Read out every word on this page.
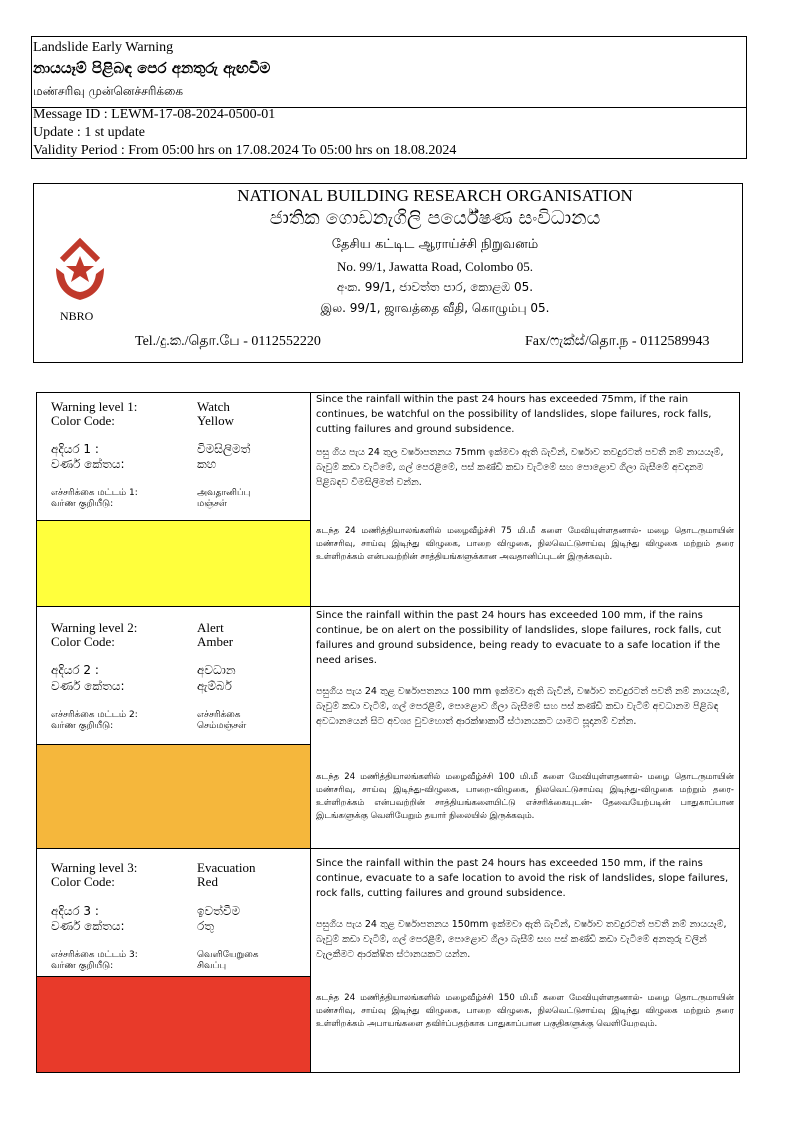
Landslide Early Warning
නායයෑම් පිළිබඳ පෙර අනතුරු ඇඟවීම
மண்சரிவு முன்னெச்சரிக்கை
Message ID : LEWM-17-08-2024-0500-01
Update : 1 st update
Validity Period : From 05:00 hrs on 17.08.2024 To 05:00 hrs on 18.08.2024
NBRO
NATIONAL BUILDING RESEARCH ORGANISATION
ජාතික ගොඩනැගිලි පර්යේෂණ සංවිධානය
தேசிய கட்டிட ஆராய்ச்சி நிறுவனம்
No. 99/1, Jawatta Road, Colombo 05.
අංක. 99/1, ජාවත්ත පාර, කොළඹ 05.
இல. 99/1, ஜாவத்தை வீதி, கொழும்பு 05.
Tel./දු.ක./தொ.பே - 0112552220	Fax/ෆැක්ස්/தொ.ந - 0112589943
Warning level 1:
Color Code:
Watch
Yellow
අදියර 1 :
වර්ණ කේතය:
විමසිලිමත්
කහ
எச்சரிக்கை மட்டம் 1:
வர்ண குறியீடு:
அவதானிப்பு
மஞ்சள்
Since the rainfall within the past 24 hours has exceeded 75mm, if the rain continues, be watchful on the possibility of landslides, slope failures, rock falls, cutting failures and ground subsidence.
පසු ගිය පැය 24 තුල වර්ෂාපතනය 75mm ඉක්මවා ඇති බැවින්, වර්ෂාව තවදුරටත් පවතී නම් නායයෑම්, බෑවුම් කඩා වැටීමේ, ගල් පෙරළීමේ, පස් කණ්ඩි කඩා වැටීමේ සහ පොළොව ගිලා බැසීමේ අවදානම පිළිබඳව විමසිලිමත් වන්න.
கடந்த 24 மணித்தியாலங்களில் மழைவீழ்ச்சி 75 மி.மீ களை மேவியுள்ளதனால்- மழை தொடருமாயின் மண்சரிவு, சாய்வு இடிந்து விழுகை, பாறை விழுகை, நிலவெட்டுசாய்வு இடிந்து விழுகை மற்றும் தரை உள்ளிறக்கம் என்பவற்றின் சாத்தியங்களுக்கான அவதானிப்புடன் இருக்கவும்.
Warning level 2:
Color Code:
Alert
Amber
අදියර 2 :
වර්ණ කේතය:
අවධාන
ඇම්බර්
எச்சரிக்கை மட்டம் 2:
வர்ண குறியீடு:
எச்சரிக்கை
செம்மஞ்சள்
Since the rainfall within the past 24 hours has exceeded 100 mm, if the rains continue, be on alert on the possibility of landslides, slope failures, rock falls, cut failures and ground subsidence, being ready to evacuate to a safe location if the need arises.
පසුගිය පැය 24 තුළ වර්ෂාපතනය 100 mm ඉක්මවා ඇති බැවින්, වර්ෂාව තවදුරටත් පවතී නම් නායයෑම්, බෑවුම් කඩා වැටීම්, ගල් පෙරළීම්, පොළොව ගිලා බැසීමේ සහ පස් කණ්ඩි කඩා වැටීම් අවධානම පිළිබඳ අවධානයෙන් සිට අවශ්‍ය වුවහොත් ආරක්ෂාකාරී ස්ථානයකට යාමට සූදානම් වන්න.
கடந்த 24 மணித்தியாலங்களில் மழைவீழ்ச்சி 100 மி.மீ களை மேவியுள்ளதனால்- மழை தொடருமாயின் மண்சரிவு, சாய்வு இடிந்து-விழுகை, பாறை-விழுகை, நிலவெட்டுசாய்வு இடிந்து-விழுகை மற்றும் தரை-உள்ளிறக்கம் என்பவற்றின் சாத்தியங்களையிட்டு எச்சரிக்கையுடன்- தேவையேற்படின் பாதுகாப்பான இடங்களுக்கு வெளியேறும் தயார் நிலையில் இருக்கவும்.
Warning level 3:
Color Code:
Evacuation
Red
අදියර 3 :
වර්ණ කේතය:
ඉවත්වීම
රතු
எச்சரிக்கை மட்டம் 3:
வர்ண குறியீடு:
வெளியேறுகை
சிவப்பு
Since the rainfall within the past 24 hours has exceeded 150 mm, if the rains continue, evacuate to a safe location to avoid the risk of landslides, slope failures, rock falls, cutting failures and ground subsidence.
පසුගිය පැය 24 තුළ වර්ෂාපතනය 150mm ඉක්මවා ඇති බැවින්, වර්ෂාව තවදුරටත් පවතී නම් නායයෑම්, බෑවුම් කඩා වැටීම්, ගල් පෙරළීම්, පොළොව ගිලා බැසීම් සහ පස් කණ්ඩි කඩා වැටීමේ අනතුරු වලින් වැලකීමට ආරක්ෂිත ස්ථානයකට යන්න.
கடந்த 24 மணித்தியாலங்களில் மழைவீழ்ச்சி 150 மி.மீ களை மேவியுள்ளதனால்- மழை தொடருமாயின் மண்சரிவு, சாய்வு இடிந்து விழுகை, பாறை விழுகை, நிலவெட்டுசாய்வு இடிந்து விழுகை மற்றும் தரை உள்ளிறக்கம் அபாயங்களை தவிர்ப்பதற்காக பாதுகாப்பான பகுதிகளுக்கு வெளியேறவும்.
